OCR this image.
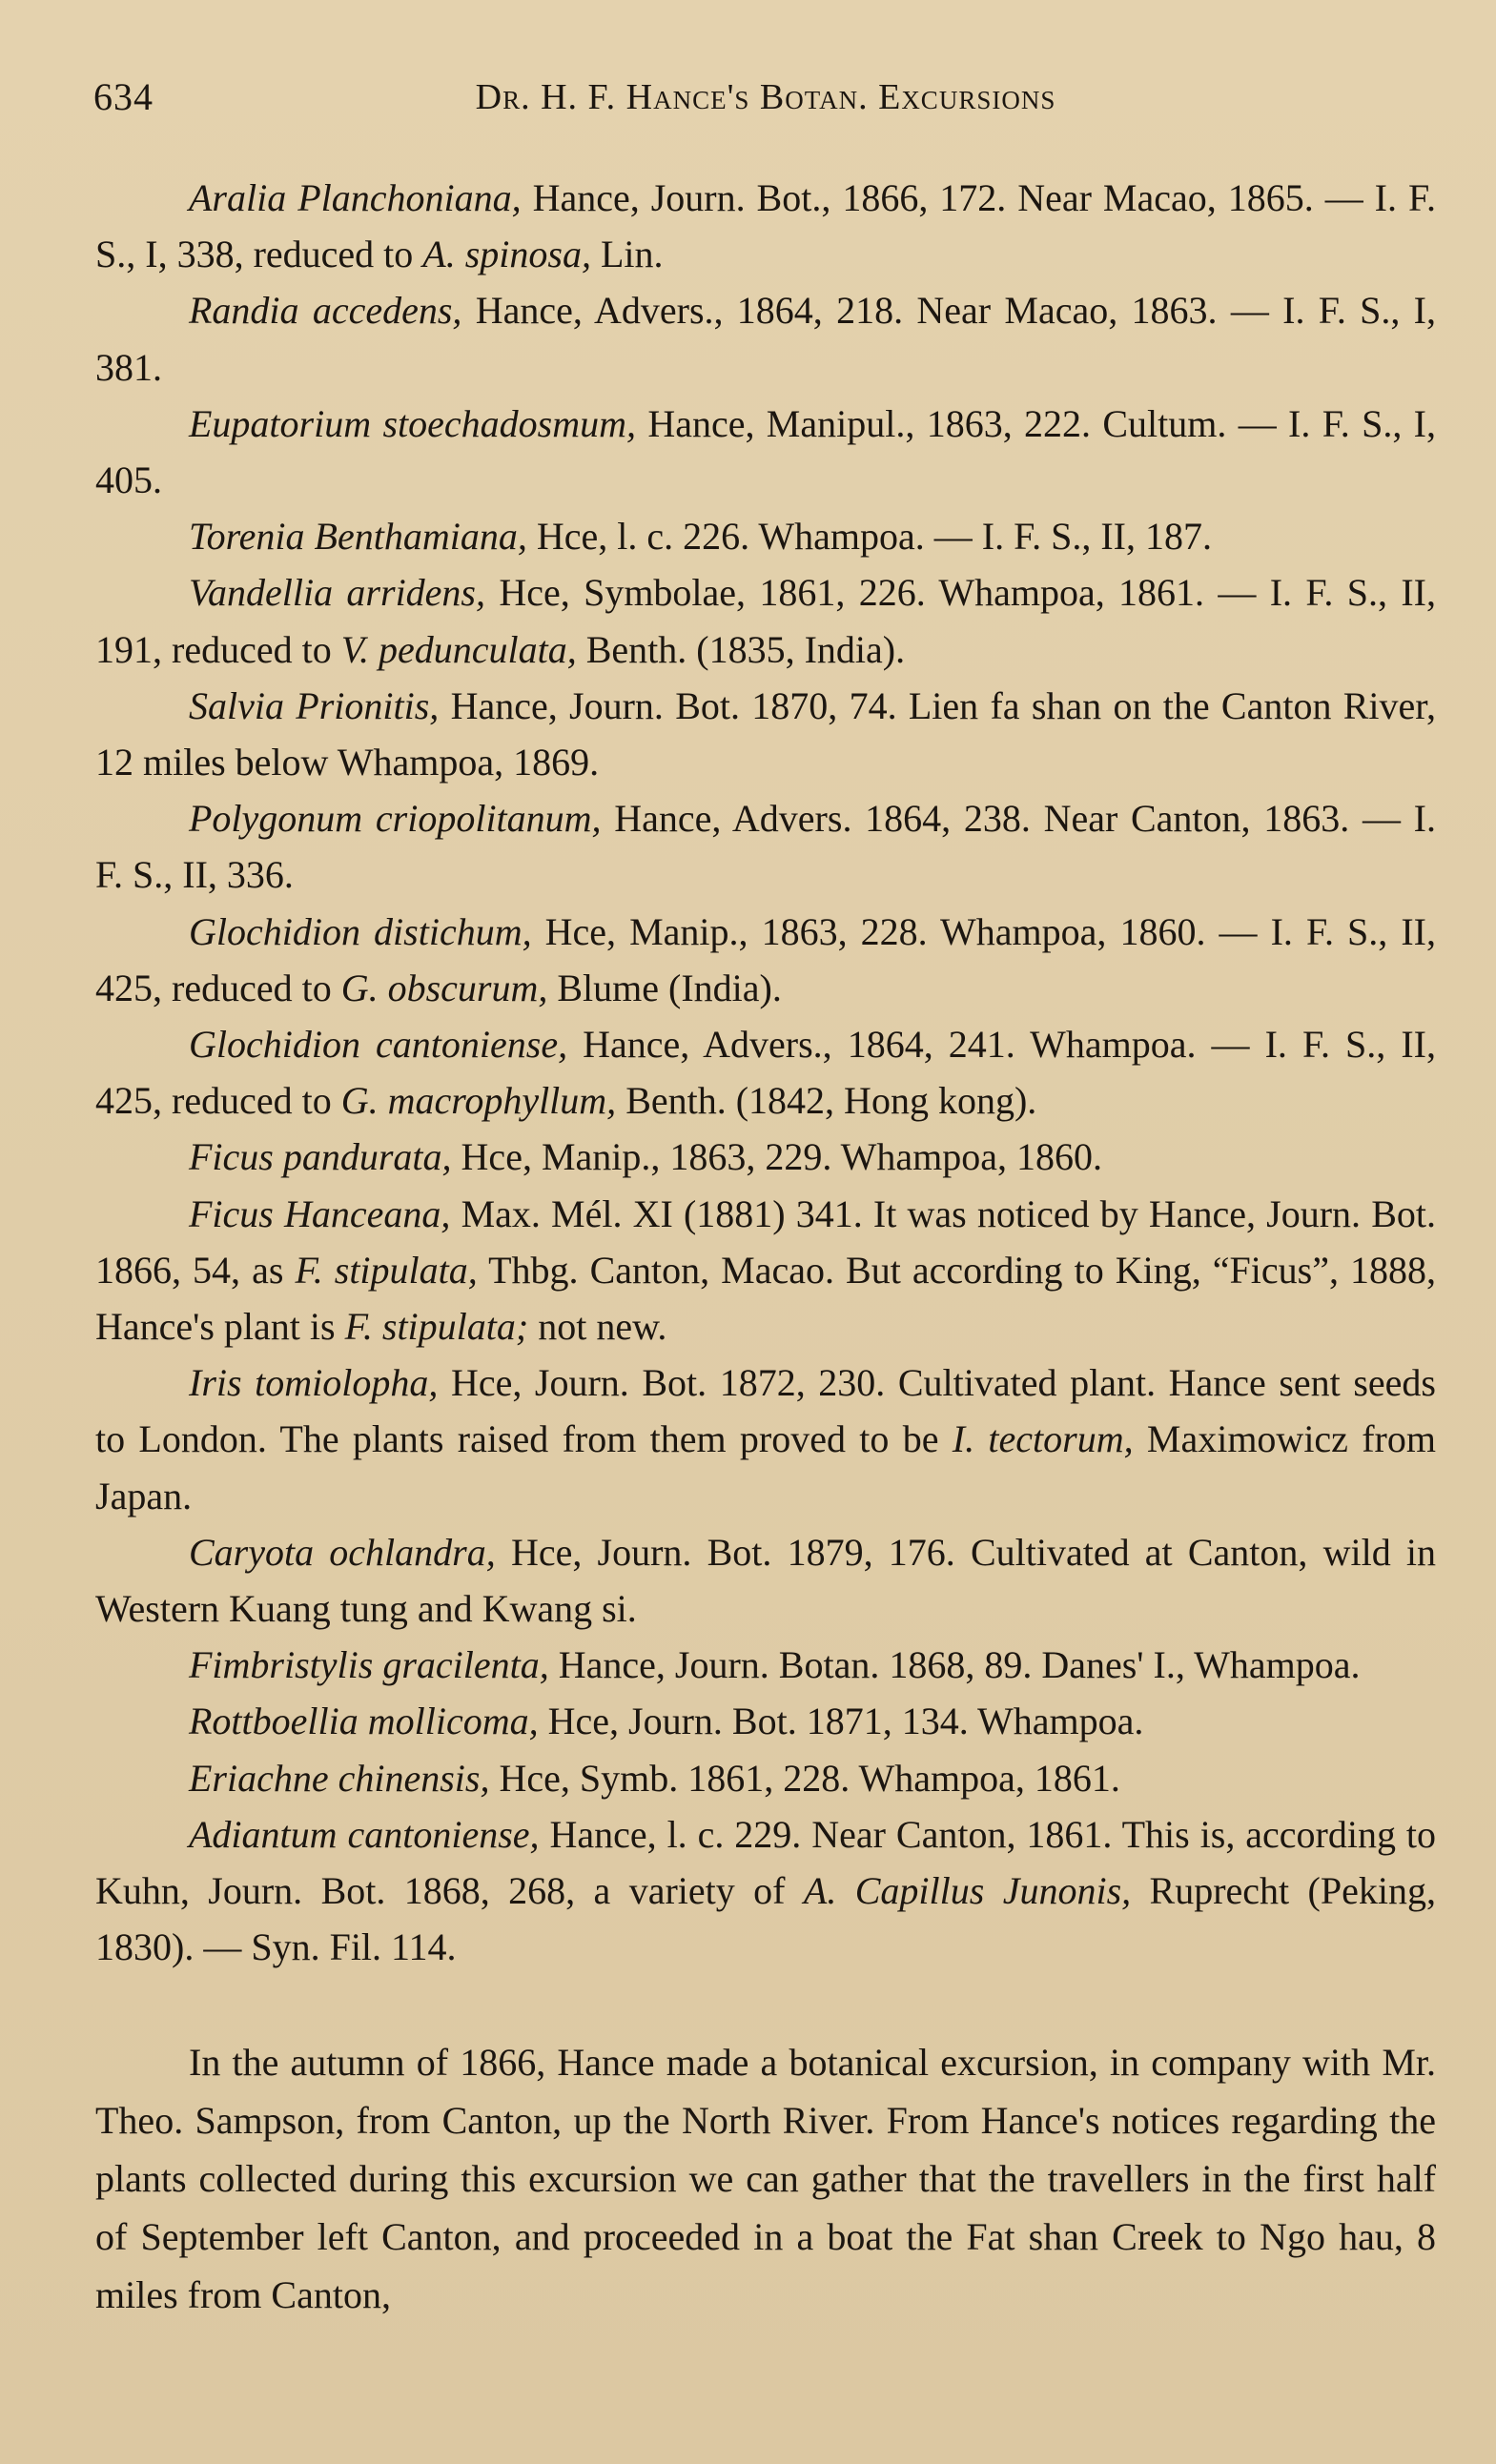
634	Dr. H. F. Hance's Botan. Excursions

Aralia Planchoniana, Hance, Journ. Bot., 1866, 172. Near Macao, 1865. — I. F. S., I, 338, reduced to A. spinosa, Lin.

Randia accedens, Hance, Advers., 1864, 218. Near Macao, 1863. — I. F. S., I, 381.

Eupatorium stoechadosmum, Hance, Manipul., 1863, 222. Cultum. — I. F. S., I, 405.

Torenia Benthamiana, Hce, l. c. 226. Whampoa. — I. F. S., II, 187.

Vandellia arridens, Hce, Symbolae, 1861, 226. Whampoa, 1861. — I. F. S., II, 191, reduced to V. pedunculata, Benth. (1835, India).

Salvia Prionitis, Hance, Journ. Bot. 1870, 74. Lien fa shan on the Canton River, 12 miles below Whampoa, 1869.

Polygonum criopolitanum, Hance, Advers. 1864, 238. Near Canton, 1863. — I. F. S., II, 336.

Glochidion distichum, Hce, Manip., 1863, 228. Whampoa, 1860. — I. F. S., II, 425, reduced to G. obscurum, Blume (India).

Glochidion cantoniense, Hance, Advers., 1864, 241. Whampoa. — I. F. S., II, 425, reduced to G. macrophyllum, Benth. (1842, Hong kong).

Ficus pandurata, Hce, Manip., 1863, 229. Whampoa, 1860.

Ficus Hanceana, Max. Mél. XI (1881) 341. It was noticed by Hance, Journ. Bot. 1866, 54, as F. stipulata, Thbg. Canton, Macao. But according to King, “Ficus”, 1888, Hance's plant is F. stipulata; not new.

Iris tomiolopha, Hce, Journ. Bot. 1872, 230. Cultivated plant. Hance sent seeds to London. The plants raised from them proved to be I. tectorum, Maximowicz from Japan.

Caryota ochlandra, Hce, Journ. Bot. 1879, 176. Cultivated at Canton, wild in Western Kuang tung and Kwang si.

Fimbristylis gracilenta, Hance, Journ. Botan. 1868, 89. Danes' I., Whampoa.

Rottboellia mollicoma, Hce, Journ. Bot. 1871, 134. Whampoa.

Eriachne chinensis, Hce, Symb. 1861, 228. Whampoa, 1861.

Adiantum cantoniense, Hance, l. c. 229. Near Canton, 1861. This is, according to Kuhn, Journ. Bot. 1868, 268, a variety of A. Capillus Junonis, Ruprecht (Peking, 1830). — Syn. Fil. 114.

In the autumn of 1866, Hance made a botanical excursion, in company with Mr. Theo. Sampson, from Canton, up the North River. From Hance's notices regarding the plants collected during this excursion we can gather that the travellers in the first half of September left Canton, and proceeded in a boat the Fat shan Creek to Ngo hau, 8 miles from Canton,
